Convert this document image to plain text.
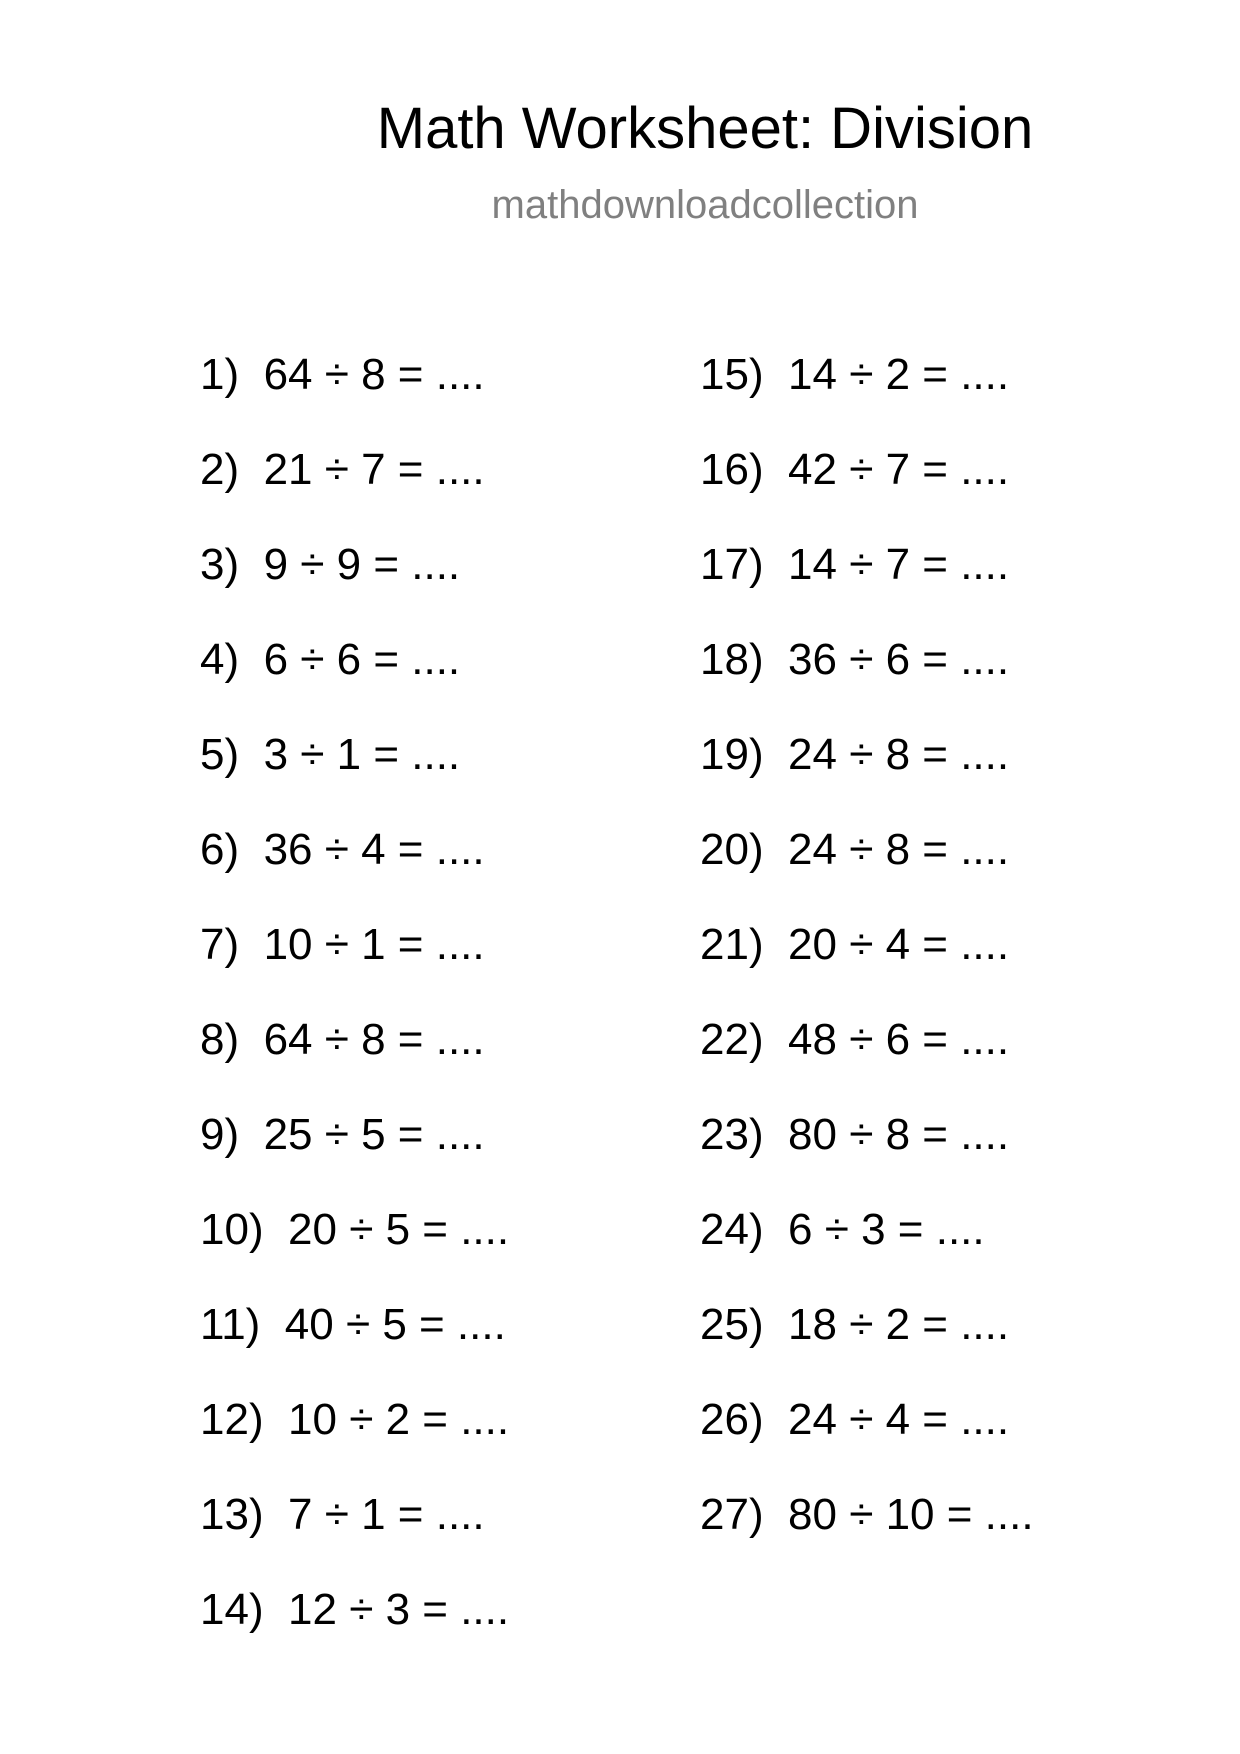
Math Worksheet: Division
mathdownloadcollection
1)  64 ÷ 8 = ....
2)  21 ÷ 7 = ....
3)  9 ÷ 9 = ....
4)  6 ÷ 6 = ....
5)  3 ÷ 1 = ....
6)  36 ÷ 4 = ....
7)  10 ÷ 1 = ....
8)  64 ÷ 8 = ....
9)  25 ÷ 5 = ....
10)  20 ÷ 5 = ....
11)  40 ÷ 5 = ....
12)  10 ÷ 2 = ....
13)  7 ÷ 1 = ....
14)  12 ÷ 3 = ....
15)  14 ÷ 2 = ....
16)  42 ÷ 7 = ....
17)  14 ÷ 7 = ....
18)  36 ÷ 6 = ....
19)  24 ÷ 8 = ....
20)  24 ÷ 8 = ....
21)  20 ÷ 4 = ....
22)  48 ÷ 6 = ....
23)  80 ÷ 8 = ....
24)  6 ÷ 3 = ....
25)  18 ÷ 2 = ....
26)  24 ÷ 4 = ....
27)  80 ÷ 10 = ....
